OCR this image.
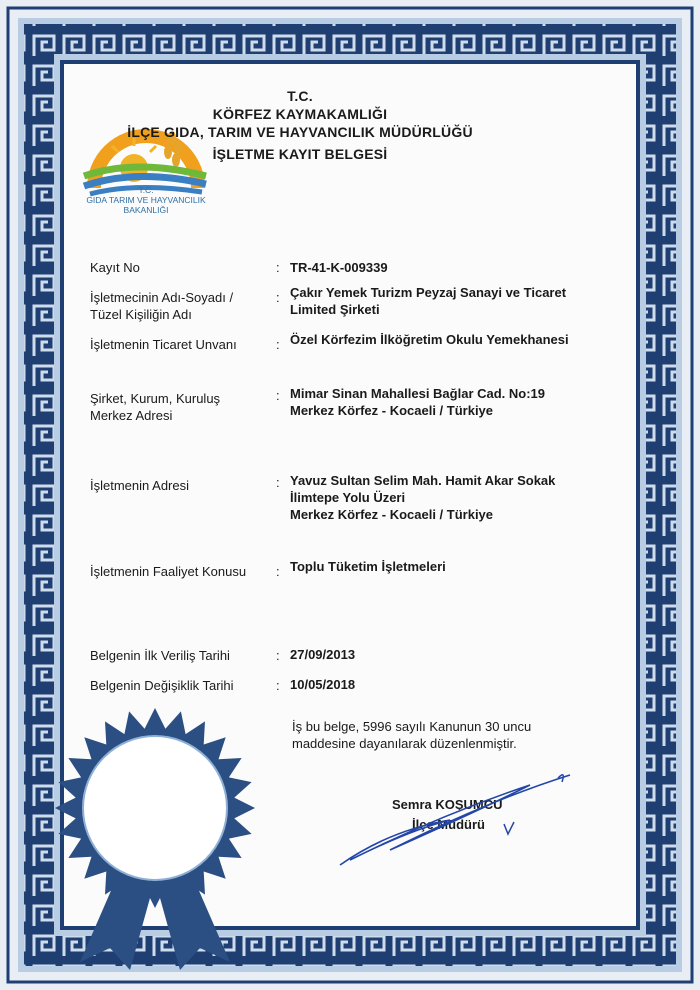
T.C.
GIDA TARIM VE HAYVANCILIK
BAKANLIĞI
T.C.
KÖRFEZ KAYMAKAMLIĞI
İLÇE GIDA, TARIM VE HAYVANCILIK MÜDÜRLÜĞÜ
İŞLETME KAYIT BELGESİ
Kayıt No	: TR-41-K-009339
İşletmecinin Adı-Soyadı /
Tüzel Kişiliğin Adı
: Çakır Yemek Turizm Peyzaj Sanayi ve Ticaret
Limited Şirketi
İşletmenin Ticaret Unvanı	: Özel Körfezim İlköğretim Okulu Yemekhanesi
Şirket, Kurum, Kuruluş
Merkez Adresi
: Mimar Sinan Mahallesi Bağlar Cad. No:19
Merkez Körfez - Kocaeli / Türkiye
İşletmenin Adresi	: Yavuz Sultan Selim Mah. Hamit Akar Sokak
İlimtepe Yolu Üzeri
Merkez Körfez - Kocaeli / Türkiye
İşletmenin Faaliyet Konusu	: Toplu Tüketim İşletmeleri
Belgenin İlk Veriliş Tarihi	: 27/09/2013
Belgenin Değişiklik Tarihi	: 10/05/2018
İş bu belge, 5996 sayılı Kanunun 30 uncu
maddesine dayanılarak düzenlenmiştir.
Semra KOŞUMCU
İlçe Müdürü
